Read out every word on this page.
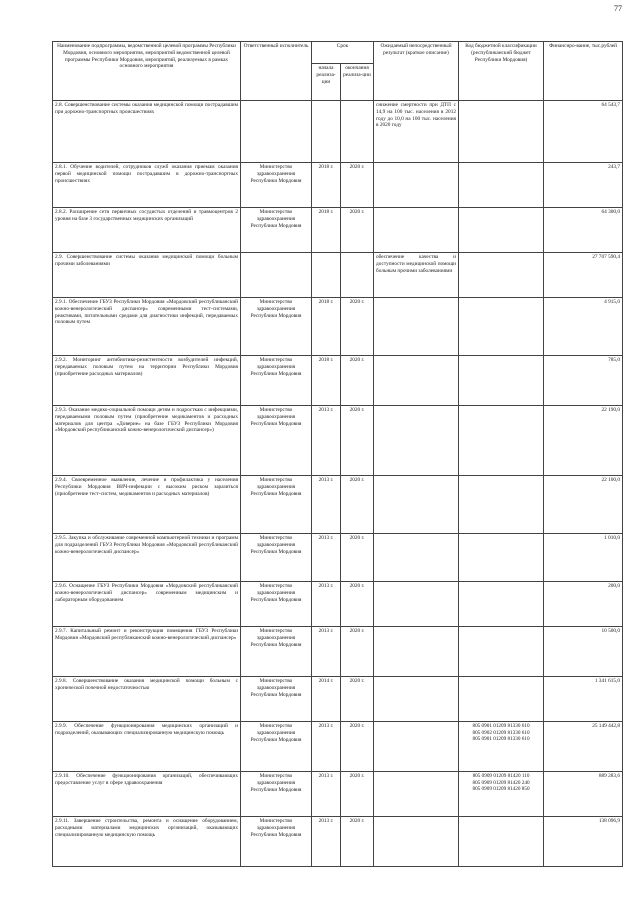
77
Наименование подпрограммы, ведомственной целевой программы Республики Мордовия, основного мероприятия, мероприятий ведомственной целевой программы Республики Мордовия, мероприятий, реализуемых в рамках основного мероприятия	Ответственный исполнитель	Срок		Ожидаемый непосредственный результат (краткое описание)	Код бюджетной классификации (республиканский бюджет Республики Мордовия)	Финансиро-вание, тыс.рублей
		начала реализа-ции	окончания реализа-ции			
2.8. Совершенствование системы оказания медицинской помощи пострадавшим при дорожно-транспортных происшествиях				снижение смертности при ДТП с 14,9 на 100 тыс. населения в 2012 году до 10,0 на 100 тыс. населения в 2020 году		64 543,7
2.8.1. Обучение водителей, сотрудников служб оказания приемам оказания первой медицинской помощи пострадавшим в дорожно-транспортных происшествиях	Министерство здравоохранения Республики Мордовия	2018 г.	2020 г.			243,7
2.8.2. Расширение сети первичных сосудистых отделений и травмоцентров 2 уровня на базе 3 государственных медицинских организаций	Министерство здравоохранения Республики Мордовия	2018 г.	2020 г.			64 300,0
2.9. Совершенствование системы оказания медицинской помощи больным прочими заболеваниями				обеспечение качества и доступности медицинской помощи больным прочими заболеваниями		27 707 590,4
2.9.1. Обеспечение ГБУЗ Республики Мордовия «Мордовский республиканский кожно-венерологический диспансер» современными тест-системами, реактивами, питательными средами для диагностики инфекций, передаваемых половым путем	Министерство здравоохранения Республики Мордовия	2018 г.	2020 г.			4 915,0
2.9.2. Мониторинг антибиотико-резистентности возбудителей инфекций, передаваемых половым путем на территории Республики Мордовия (приобретение расходных материалов)	Министерство здравоохранения Республики Мордовия	2018 г.	2020 г.			785,0
2.9.3. Оказание медико-социальной помощи детям и подросткам с инфекциями, передаваемыми половым путем (приобретение медикаментов и расходных материалов для центра «Доверие» на базе ГБУЗ Республики Мордовия «Мордовский республиканский кожно-венерологический диспансер»)	Министерство здравоохранения Республики Мордовия	2013 г.	2020 г.			22 190,0
2.9.4. Своевременное выявление, лечение и профилактика у населения Республики Мордовия ВИЧ-инфекции с высоким риском заразиться (приобретение тест-систем, медикаментов и расходных материалов)	Министерство здравоохранения Республики Мордовия	2013 г.	2020 г.			22 100,0
2.9.5. Закупка и обслуживание современной компьютерной техники и программ для подразделений ГБУЗ Республики Мордовия «Мордовский республиканский кожно-венерологический диспансер»	Министерство здравоохранения Республики Мордовия	2013 г.	2020 г.			1 010,0
2.9.6. Оснащение ГБУЗ Республики Мордовия «Мордовский республиканский кожно-венерологический диспансер» современным медицинским и лабораторным оборудованием	Министерство здравоохранения Республики Мордовия	2013 г.	2020 г.			200,0
2.9.7. Капитальный ремонт и реконструкция помещения ГБУЗ Республики Мордовия «Мордовский республиканский кожно-венерологический диспансер»	Министерство здравоохранения Республики Мордовия	2013 г.	2020 г.			10 500,0
2.9.8. Совершенствование оказания медицинской помощи больным с хронической почечной недостаточностью	Министерство здравоохранения Республики Мордовия	2014 г.	2020 г.			1 341 615,0
2.9.9. Обеспечение функционирования медицинских организаций и подразделений, оказывающих специализированную медицинскую помощь	Министерство здравоохранения Республики Мордовия	2013 г.	2020 г.		805 0901 01209 81330 610
805 0902 01209 81330 610
805 0901 01209 81330 610	25 149 442,8
2.9.10. Обеспечение функционирования организаций, обеспечивающих предоставление услуг в сфере здравоохранения	Министерство здравоохранения Республики Мордовия	2013 г.	2020 г.		805 0909 01209 81420 110
805 0909 01209 81420 240
805 0909 01209 81420 850	889 283,6
2.9.11. Завершение строительства, ремонта и оснащение оборудованием, расходными материалами медицинских организаций, оказывающих специализированную медицинскую помощь	Министерство здравоохранения Республики Мордовия	2013 г.	2020 г.			138 096,9
